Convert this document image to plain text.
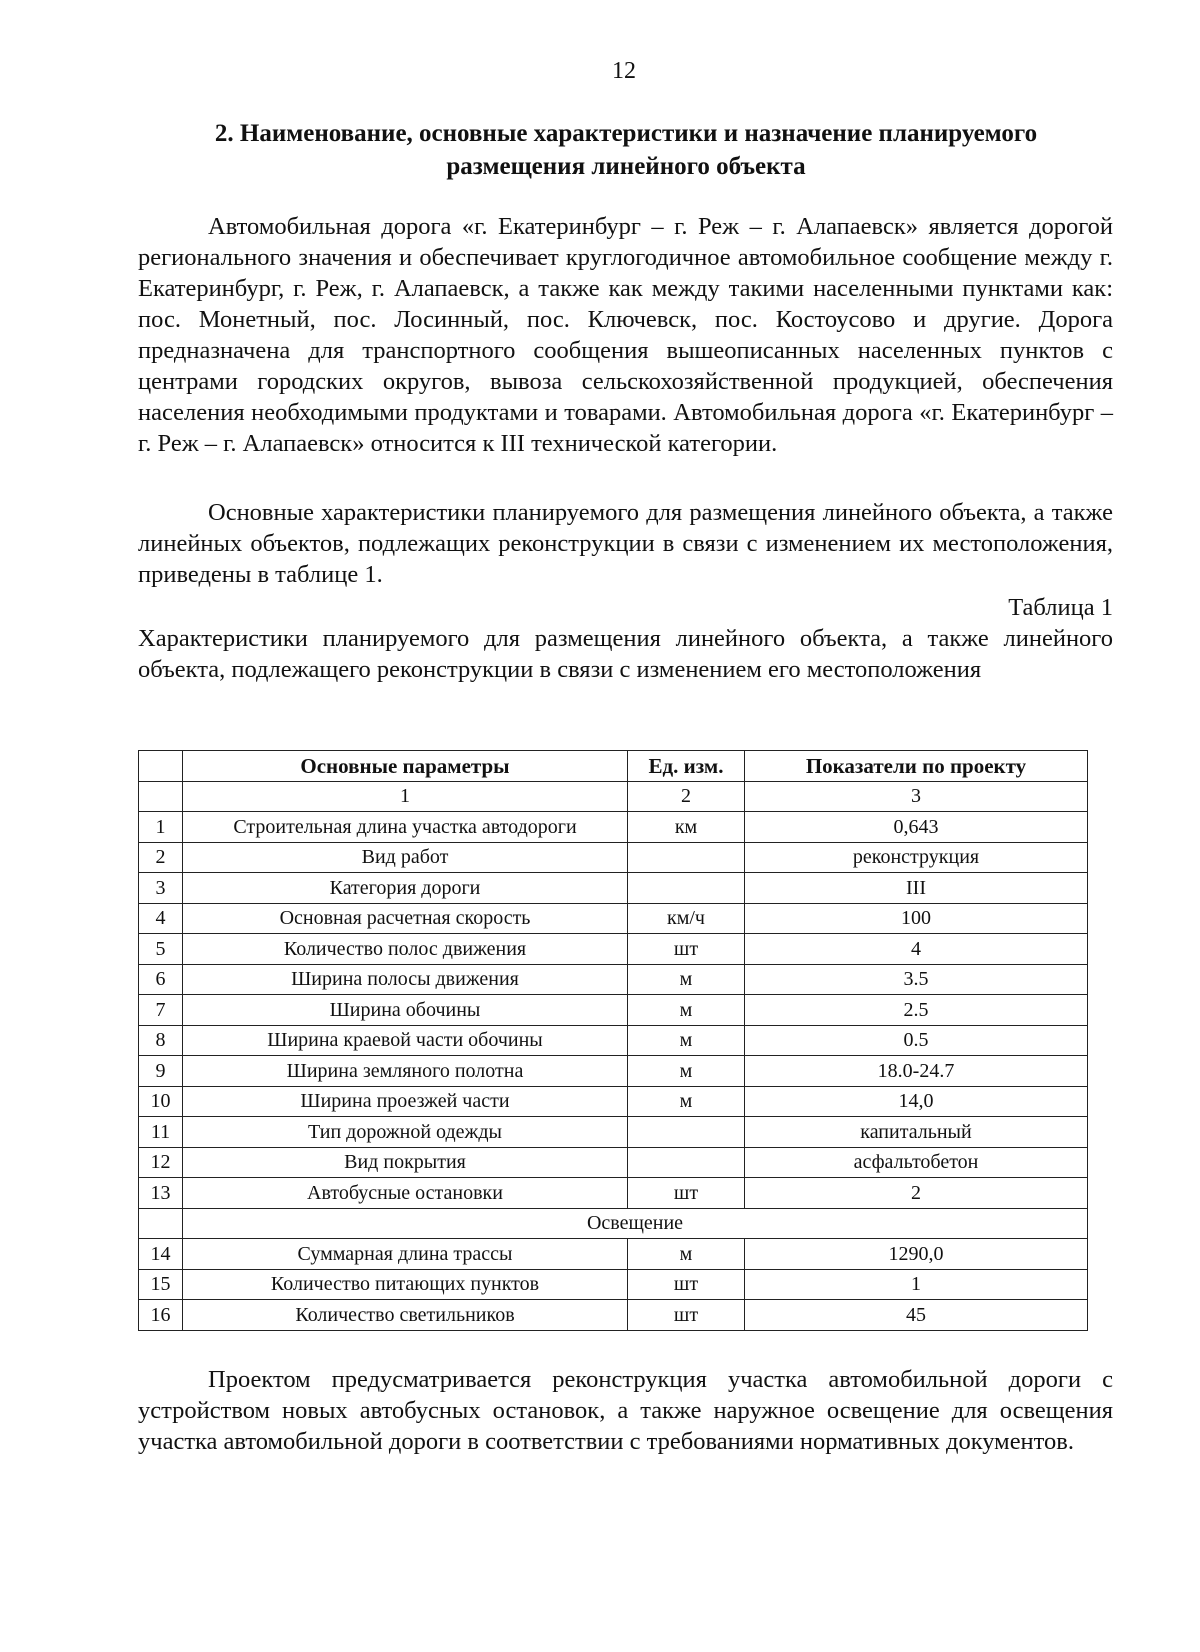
12
2. Наименование, основные характеристики и назначение планируемого
размещения линейного объекта

Автомобильная дорога «г. Екатеринбург – г. Реж – г. Алапаевск» является дорогой регионального значения и обеспечивает круглогодичное автомобильное сообщение между г. Екатеринбург, г. Реж, г. Алапаевск, а также как между такими населенными пунктами как: пос. Монетный, пос. Лосинный, пос. Ключевск, пос. Костоусово и другие. Дорога предназначена для транспортного сообщения вышеописанных населенных пунктов с центрами городских округов, вывоза сельскохозяйственной продукцией, обеспечения населения необходимыми продуктами и товарами. Автомобильная дорога «г. Екатеринбург – г. Реж – г. Алапаевск» относится к III технической категории.

Основные характеристики планируемого для размещения линейного объекта, а также линейных объектов, подлежащих реконструкции в связи с изменением их местоположения, приведены в таблице 1.

Таблица 1

Характеристики планируемого для размещения линейного объекта, а также линейного объекта, подлежащего реконструкции в связи с изменением его местоположения

	Основные параметры	Ед. изм.	Показатели по проекту
	1	2	3
1	Строительная длина участка автодороги	км	0,643
2	Вид работ		реконструкция
3	Категория дороги		III
4	Основная расчетная скорость	км/ч	100
5	Количество полос движения	шт	4
6	Ширина полосы движения	м	3.5
7	Ширина обочины	м	2.5
8	Ширина краевой части обочины	м	0.5
9	Ширина земляного полотна	м	18.0-24.7
10	Ширина проезжей части	м	14,0
11	Тип дорожной одежды		капитальный
12	Вид покрытия		асфальтобетон
13	Автобусные остановки	шт	2
	Освещение		
14	Суммарная длина трассы	м	1290,0
15	Количество питающих пунктов	шт	1
16	Количество светильников	шт	45

Проектом предусматривается реконструкция участка автомобильной дороги с устройством новых автобусных остановок, а также наружное освещение для освещения участка автомобильной дороги в соответствии с требованиями нормативных документов.
